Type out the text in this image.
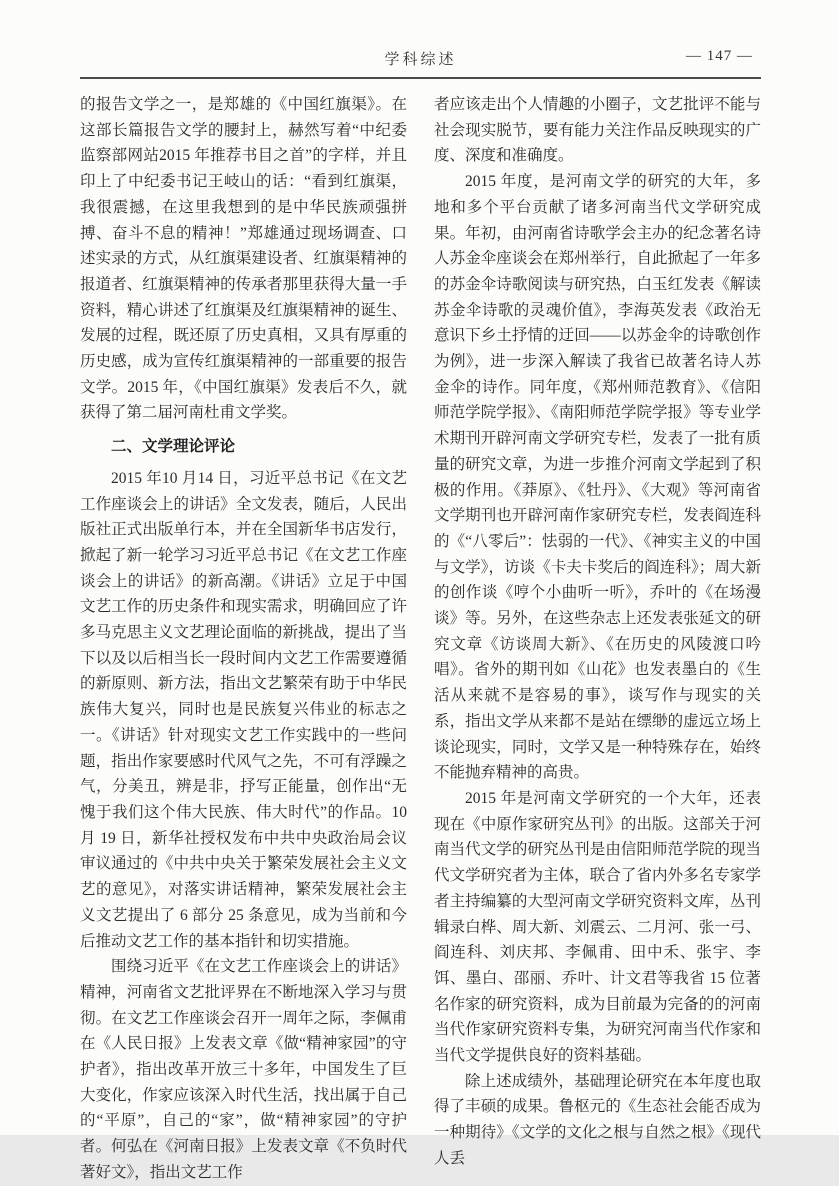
学科综述	— 147 —

的报告文学之一，是郑雄的《中国红旗渠》。在这部长篇报告文学的腰封上，赫然写着“中纪委监察部网站2015 年推荐书目之首”的字样，并且印上了中纪委书记王岐山的话：“看到红旗渠，我很震撼，在这里我想到的是中华民族顽强拼搏、奋斗不息的精神！”郑雄通过现场调查、口述实录的方式，从红旗渠建设者、红旗渠精神的报道者、红旗渠精神的传承者那里获得大量一手资料，精心讲述了红旗渠及红旗渠精神的诞生、发展的过程，既还原了历史真相，又具有厚重的历史感，成为宣传红旗渠精神的一部重要的报告文学。2015 年，《中国红旗渠》发表后不久，就获得了第二届河南杜甫文学奖。

二、文学理论评论

2015 年10 月14 日，习近平总书记《在文艺工作座谈会上的讲话》全文发表，随后，人民出版社正式出版单行本，并在全国新华书店发行，掀起了新一轮学习习近平总书记《在文艺工作座谈会上的讲话》的新高潮。《讲话》立足于中国文艺工作的历史条件和现实需求，明确回应了许多马克思主义文艺理论面临的新挑战，提出了当下以及以后相当长一段时间内文艺工作需要遵循的新原则、新方法，指出文艺繁荣有助于中华民族伟大复兴，同时也是民族复兴伟业的标志之一。《讲话》针对现实文艺工作实践中的一些问题，指出作家要感时代风气之先，不可有浮躁之气，分美丑，辨是非，抒写正能量，创作出“无愧于我们这个伟大民族、伟大时代”的作品。10 月 19 日，新华社授权发布中共中央政治局会议审议通过的《中共中央关于繁荣发展社会主义文艺的意见》，对落实讲话精神，繁荣发展社会主义文艺提出了 6 部分 25 条意见，成为当前和今后推动文艺工作的基本指针和切实措施。

围绕习近平《在文艺工作座谈会上的讲话》精神，河南省文艺批评界在不断地深入学习与贯彻。在文艺工作座谈会召开一周年之际，李佩甫在《人民日报》上发表文章《做“精神家园”的守护者》，指出改革开放三十多年，中国发生了巨大变化，作家应该深入时代生活，找出属于自己的“平原”，自己的“家”，做“精神家园”的守护者。何弘在《河南日报》上发表文章《不负时代著好文》，指出文艺工作

者应该走出个人情趣的小圈子，文艺批评不能与社会现实脱节，要有能力关注作品反映现实的广度、深度和准确度。

2015 年度，是河南文学的研究的大年，多地和多个平台贡献了诸多河南当代文学研究成果。年初，由河南省诗歌学会主办的纪念著名诗人苏金伞座谈会在郑州举行，自此掀起了一年多的苏金伞诗歌阅读与研究热，白玉红发表《解读苏金伞诗歌的灵魂价值》，李海英发表《政治无意识下乡土抒情的迂回——以苏金伞的诗歌创作为例》，进一步深入解读了我省已故著名诗人苏金伞的诗作。同年度，《郑州师范教育》、《信阳师范学院学报》、《南阳师范学院学报》等专业学术期刊开辟河南文学研究专栏，发表了一批有质量的研究文章，为进一步推介河南文学起到了积极的作用。《莽原》、《牡丹》、《大观》等河南省文学期刊也开辟河南作家研究专栏，发表阎连科的《“八零后”：怯弱的一代》、《神实主义的中国与文学》，访谈《卡夫卡奖后的阎连科》；周大新的创作谈《哼个小曲听一听》，乔叶的《在场漫谈》等。另外，在这些杂志上还发表张延文的研究文章《访谈周大新》、《在历史的风陵渡口吟唱》。省外的期刊如《山花》也发表墨白的《生活从来就不是容易的事》，谈写作与现实的关系，指出文学从来都不是站在缥缈的虚远立场上谈论现实，同时，文学又是一种特殊存在，始终不能抛弃精神的高贵。

2015 年是河南文学研究的一个大年，还表现在《中原作家研究丛刊》的出版。这部关于河南当代文学的研究丛刊是由信阳师范学院的现当代文学研究者为主体，联合了省内外多名专家学者主持编纂的大型河南文学研究资料文库，丛刊辑录白桦、周大新、刘震云、二月河、张一弓、阎连科、刘庆邦、李佩甫、田中禾、张宇、李饵、墨白、邵丽、乔叶、计文君等我省 15 位著名作家的研究资料，成为目前最为完备的的河南当代作家研究资料专集，为研究河南当代作家和当代文学提供良好的资料基础。

除上述成绩外，基础理论研究在本年度也取得了丰硕的成果。鲁枢元的《生态社会能否成为一种期待》《文学的文化之根与自然之根》《现代人丢
